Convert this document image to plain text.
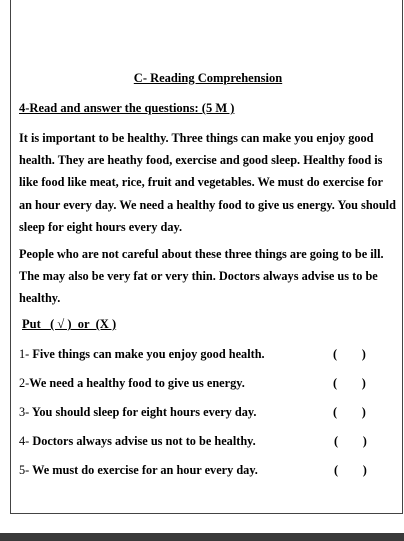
C- Reading Comprehension
4-Read and answer the questions: (5 M )

It is important to be healthy. Three things can make you enjoy good health. They are heathy food, exercise and good sleep. Healthy food is like food like meat, rice, fruit and vegetables. We must do exercise for an hour every day. We need a healthy food to give us energy. You should sleep for eight hours every day.

People who are not careful about these three things are going to be ill. The may also be very fat or very thin. Doctors always advise us to be healthy.

Put   ( √ )  or  (X )
1- Five things can make you enjoy good health.	(        )
2-We need a healthy food to give us energy.	(        )
3- You should sleep for eight hours every day.	(        )
4- Doctors always advise us not to be healthy.	(        )
5- We must do exercise for an hour every day.	(        )
